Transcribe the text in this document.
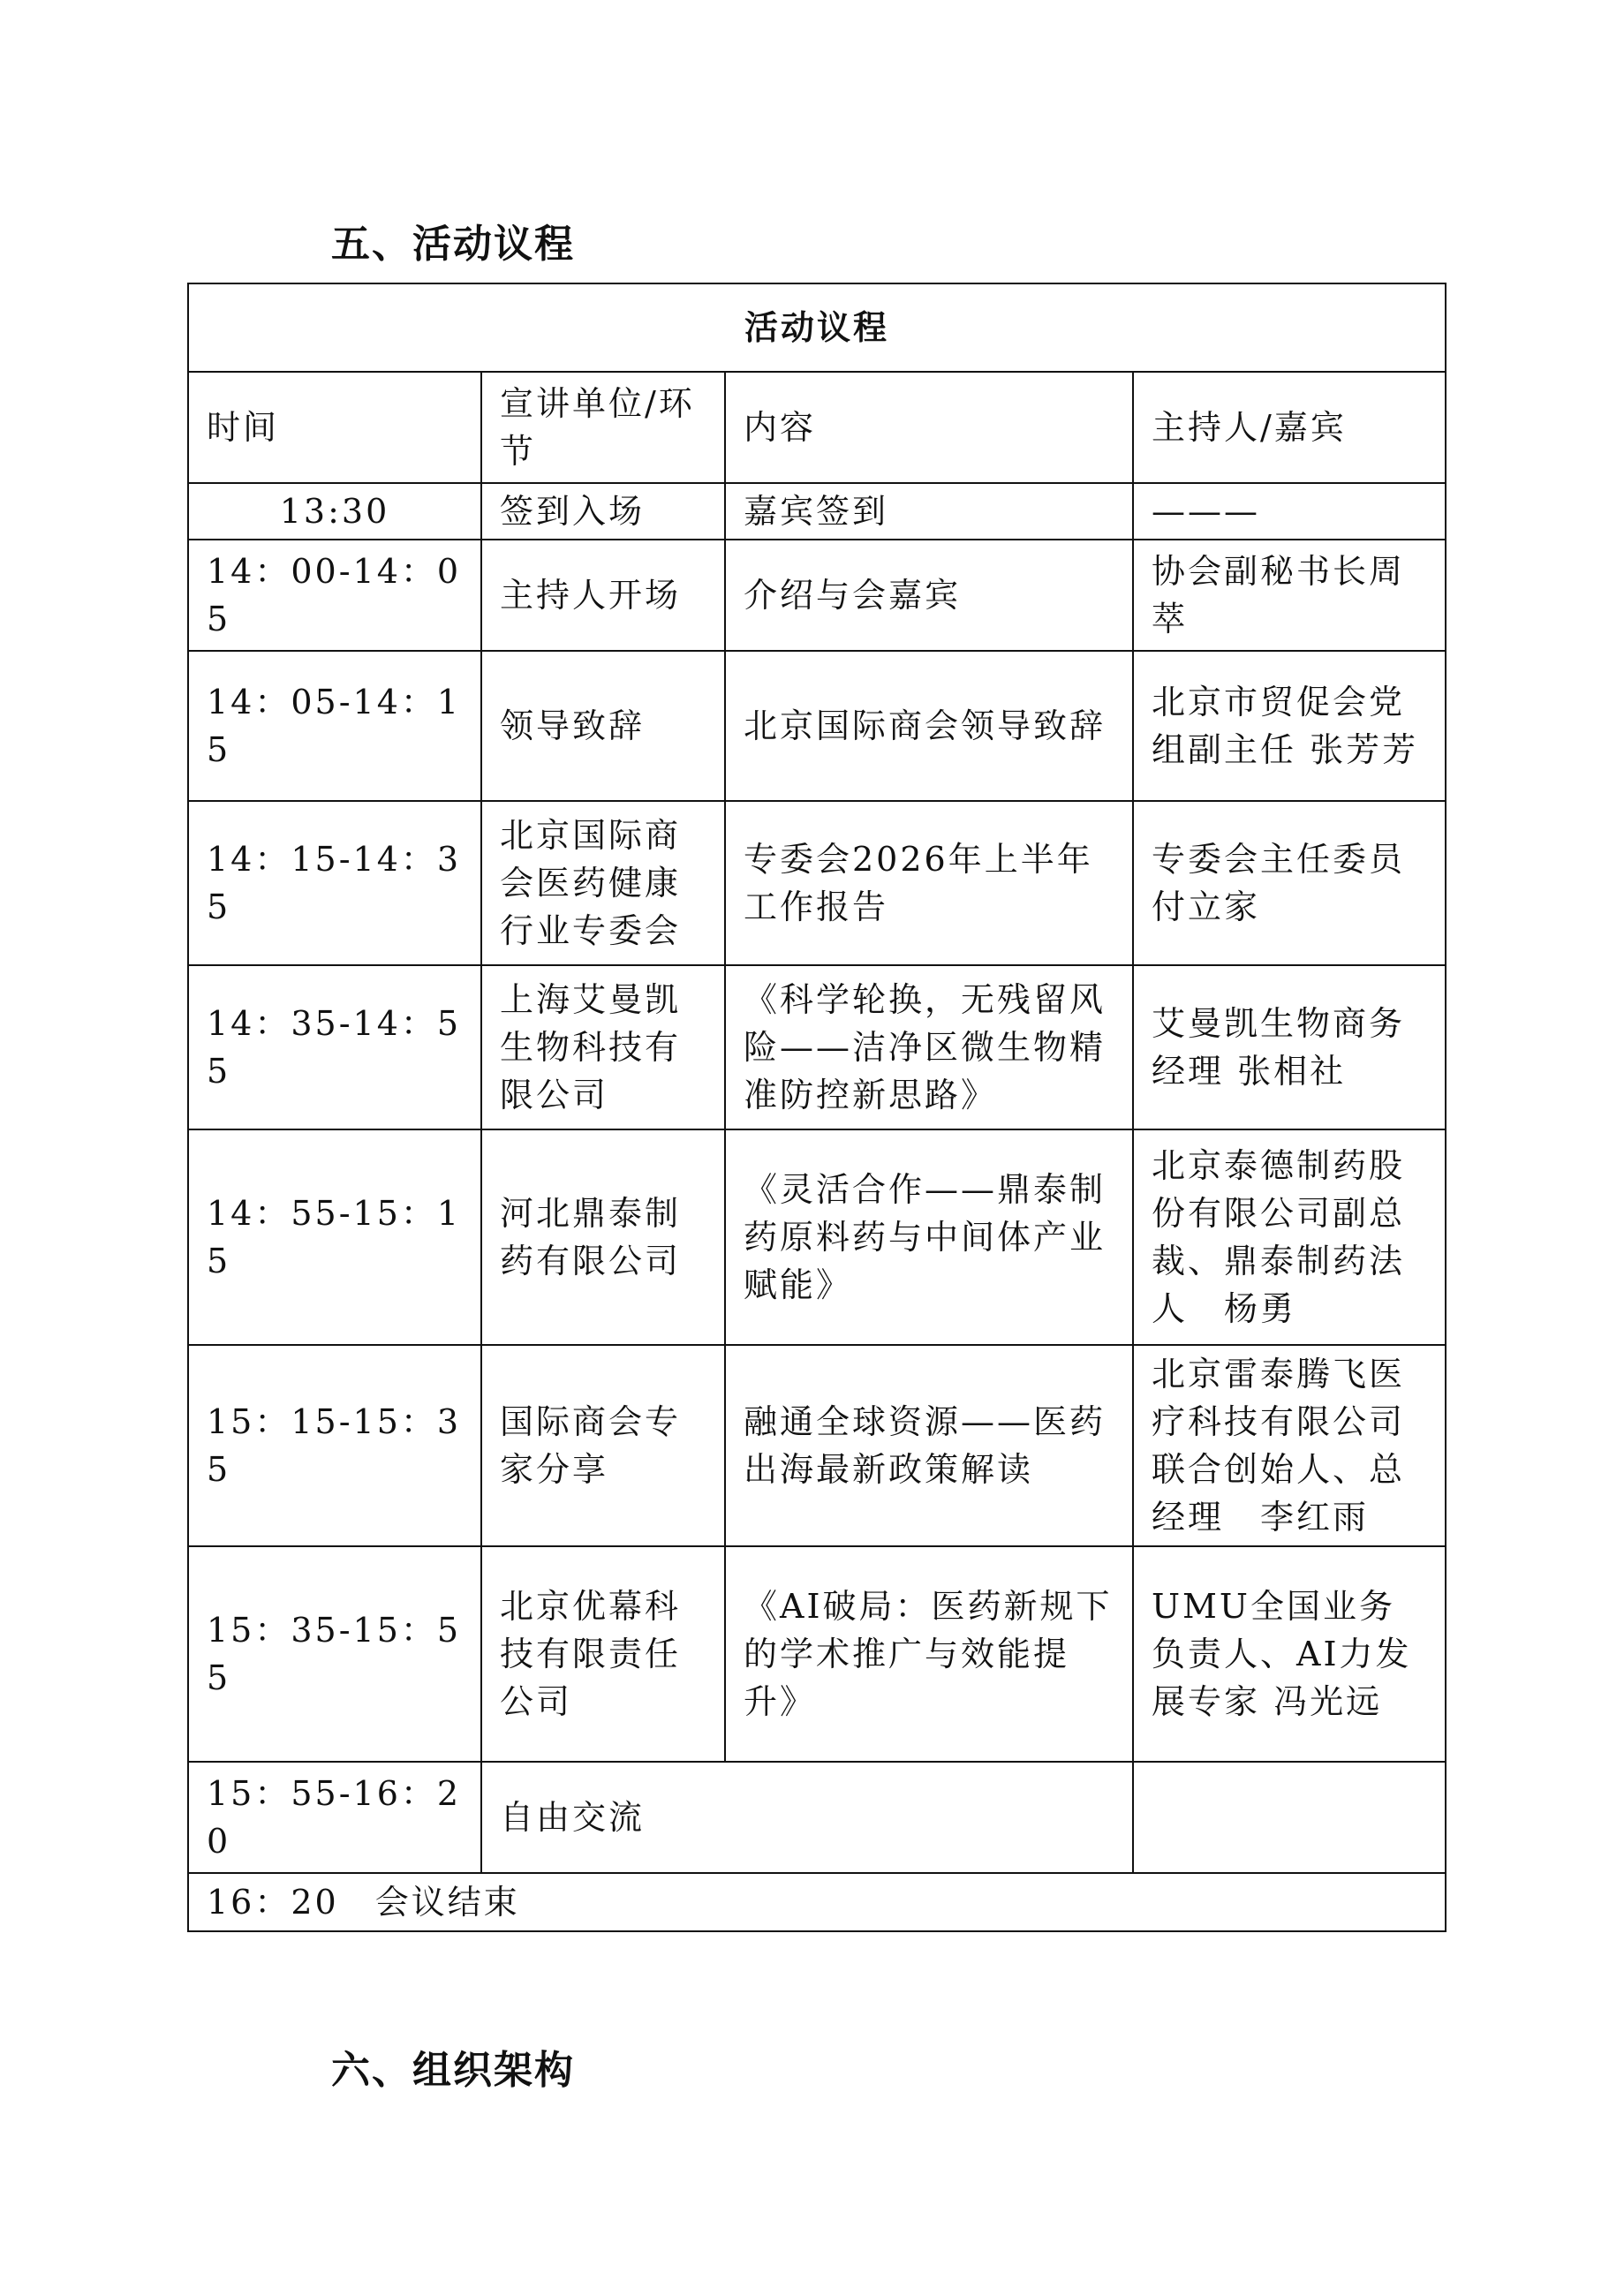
五、活动议程
活动议程			
时间	宣讲单位/环节	内容	主持人/嘉宾
13:30	签到入场	嘉宾签到	———
14：00-14：05	主持人开场	介绍与会嘉宾	协会副秘书长周萃
14：05-14：15	领导致辞	北京国际商会领导致辞	北京市贸促会党组副主任 张芳芳
14：15-14：35	北京国际商会医药健康行业专委会	专委会2026年上半年工作报告	专委会主任委员付立家
14：35-14：55	上海艾曼凯生物科技有限公司	《科学轮换，无残留风险——洁净区微生物精准防控新思路》	艾曼凯生物商务经理 张相社
14：55-15：15	河北鼎泰制药有限公司	《灵活合作——鼎泰制药原料药与中间体产业赋能》	北京泰德制药股份有限公司副总裁、鼎泰制药法人　杨勇
15：15-15：35	国际商会专家分享	融通全球资源——医药出海最新政策解读	北京雷泰腾飞医疗科技有限公司联合创始人、总经理　李红雨
15：35-15：55	北京优幕科技有限责任公司	《AI破局：医药新规下的学术推广与效能提升》	UMU全国业务负责人、AI力发展专家 冯光远
15：55-16：20	自由交流		
16：20　会议结束			
六、组织架构
